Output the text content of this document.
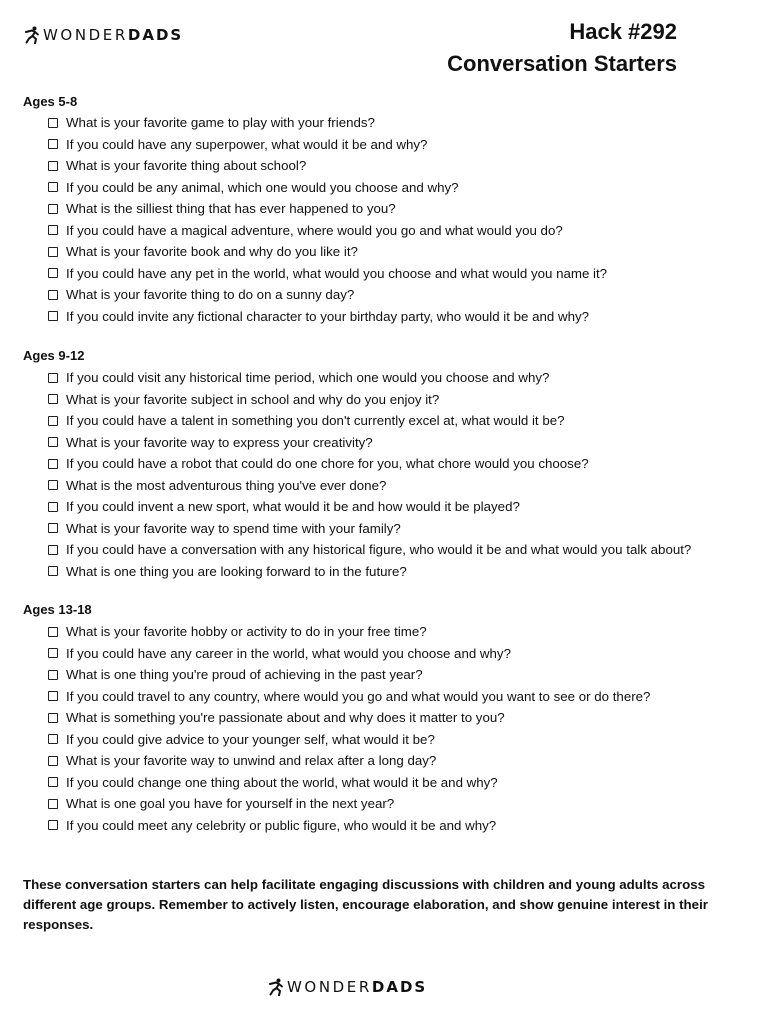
WONDER DADS	Hack #292
Conversation Starters
Ages 5-8
What is your favorite game to play with your friends?
If you could have any superpower, what would it be and why?
What is your favorite thing about school?
If you could be any animal, which one would you choose and why?
What is the silliest thing that has ever happened to you?
If you could have a magical adventure, where would you go and what would you do?
What is your favorite book and why do you like it?
If you could have any pet in the world, what would you choose and what would you name it?
What is your favorite thing to do on a sunny day?
If you could invite any fictional character to your birthday party, who would it be and why?
Ages 9-12
If you could visit any historical time period, which one would you choose and why?
What is your favorite subject in school and why do you enjoy it?
If you could have a talent in something you don't currently excel at, what would it be?
What is your favorite way to express your creativity?
If you could have a robot that could do one chore for you, what chore would you choose?
What is the most adventurous thing you've ever done?
If you could invent a new sport, what would it be and how would it be played?
What is your favorite way to spend time with your family?
If you could have a conversation with any historical figure, who would it be and what would you talk about?
What is one thing you are looking forward to in the future?
Ages 13-18
What is your favorite hobby or activity to do in your free time?
If you could have any career in the world, what would you choose and why?
What is one thing you're proud of achieving in the past year?
If you could travel to any country, where would you go and what would you want to see or do there?
What is something you're passionate about and why does it matter to you?
If you could give advice to your younger self, what would it be?
What is your favorite way to unwind and relax after a long day?
If you could change one thing about the world, what would it be and why?
What is one goal you have for yourself in the next year?
If you could meet any celebrity or public figure, who would it be and why?

These conversation starters can help facilitate engaging discussions with children and young adults across different age groups. Remember to actively listen, encourage elaboration, and show genuine interest in their responses.

WONDER DADS
